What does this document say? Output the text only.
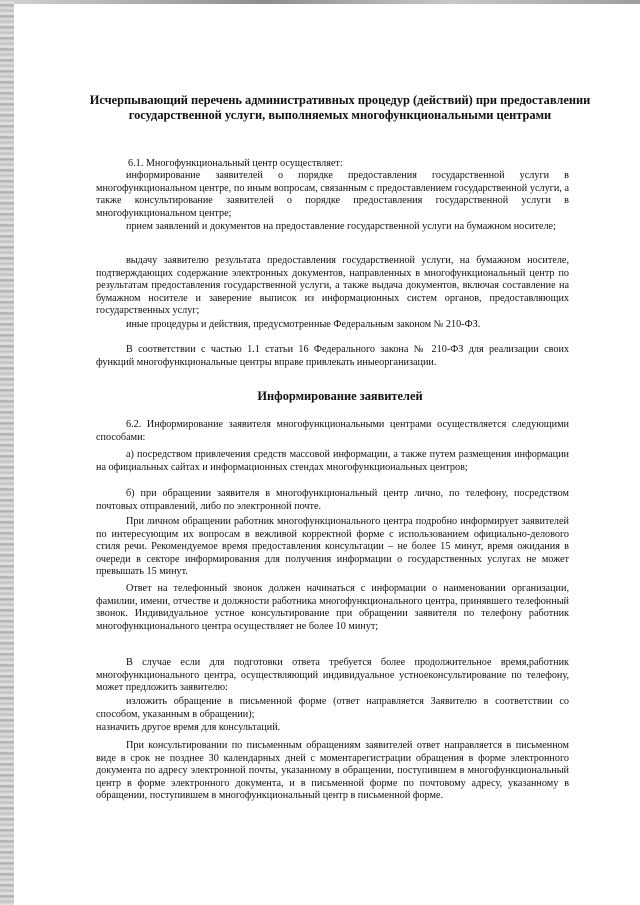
Исчерпывающий перечень административных процедур (действий) при предоставлении государственной услуги, выполняемых многофункциональными центрами
6.1. Многофункциональный центр осуществляет:
информирование заявителей о порядке предоставления государственной услуги в многофункциональном центре, по иным вопросам, связанным с предоставлением государственной услуги, а также консультирование заявителей о порядке предоставления государственной услуги в многофункциональном центре;
прием заявлений и документов на предоставление государственной услуги на бумажном носителе;
выдачу заявителю результата предоставления государственной услуги, на бумажном носителе, подтверждающих содержание электронных документов, направленных в многофункциональный центр по результатам предоставления государственной услуги, а также выдача документов, включая составление на бумажном носителе и заверение выписок из информационных систем органов, предоставляющих государственных услуг;
иные процедуры и действия, предусмотренные Федеральным законом № 210-ФЗ.
В соответствии с частью 1.1 статьи 16 Федерального закона № 210-ФЗ для реализации своих функций многофункциональные центры вправе привлекать иныеорганизации.
Информирование заявителей
6.2. Информирование заявителя многофункциональными центрами осуществляется следующими способами:
а) посредством привлечения средств массовой информации, а также путем размещения информации на официальных сайтах и информационных стендах многофункциональных центров;
б) при обращении заявителя в многофункциональный центр лично, по телефону, посредством почтовых отправлений, либо по электронной почте.
При личном обращении работник многофункционального центра подробно информирует заявителей по интересующим их вопросам в вежливой корректной форме с использованием официально-делового стиля речи. Рекомендуемое время предоставления консультации – не более 15 минут, время ожидания в очереди в секторе информирования для получения информации о государственных услугах не может превышать 15 минут.
Ответ на телефонный звонок должен начинаться с информации о наименовании организации, фамилии, имени, отчестве и должности работника многофункционального центра, принявшего телефонный звонок. Индивидуальное устное консультирование при обращении заявителя по телефону работник многофункционального центра осуществляет не более 10 минут;
В случае если для подготовки ответа требуется более продолжительное время,работник многофункционального центра, осуществляющий индивидуальное устноеконсультирование по телефону, может предложить заявителю:
изложить обращение в письменной форме (ответ направляется Заявителю в соответствии со способом, указанным в обращении);
назначить другое время для консультаций.
При консультировании по письменным обращениям заявителей ответ направляется в письменном виде в срок не позднее 30 календарных дней с моментарегистрации обращения в форме электронного документа по адресу электронной почты, указанному в обращении, поступившем в многофункциональный центр в форме электронного документа, и в письменной форме по почтовому адресу, указанному в обращении, поступившем в многофункциональный центр в письменной форме.
